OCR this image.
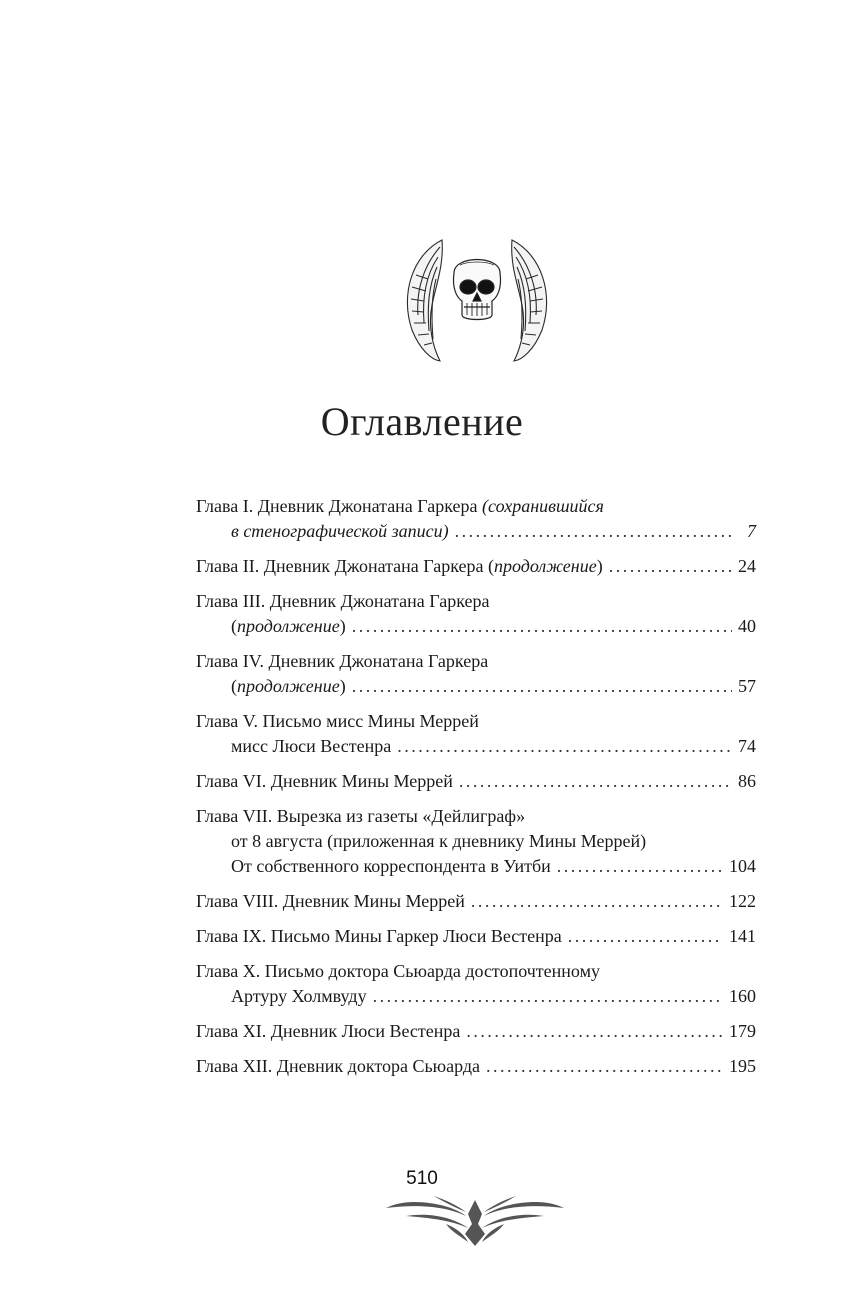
Оглавление
Глава I. Дневник Джонатана Гаркера (сохранившийся
в стенографической записи) . . .	7
Глава II. Дневник Джонатана Гаркера (продолжение) . . .	24
Глава III. Дневник Джонатана Гаркера
(продолжение) . . .	40
Глава IV. Дневник Джонатана Гаркера
(продолжение) . . .	57
Глава V. Письмо мисс Мины Меррей
мисс Люси Вестенра . . .	74
Глава VI. Дневник Мины Меррей . . .	86
Глава VII. Вырезка из газеты «Дейлиграф»
от 8 августа (приложенная к дневнику Мины Меррей)
От собственного корреспондента в Уитби . . .	104
Глава VIII. Дневник Мины Меррей . . .	122
Глава IX. Письмо Мины Гаркер Люси Вестенра . . .	141
Глава X. Письмо доктора Сьюарда достопочтенному
Артуру Холмвуду . . .	160
Глава XI. Дневник Люси Вестенра . . .	179
Глава XII. Дневник доктора Сьюарда . . .	195
510
